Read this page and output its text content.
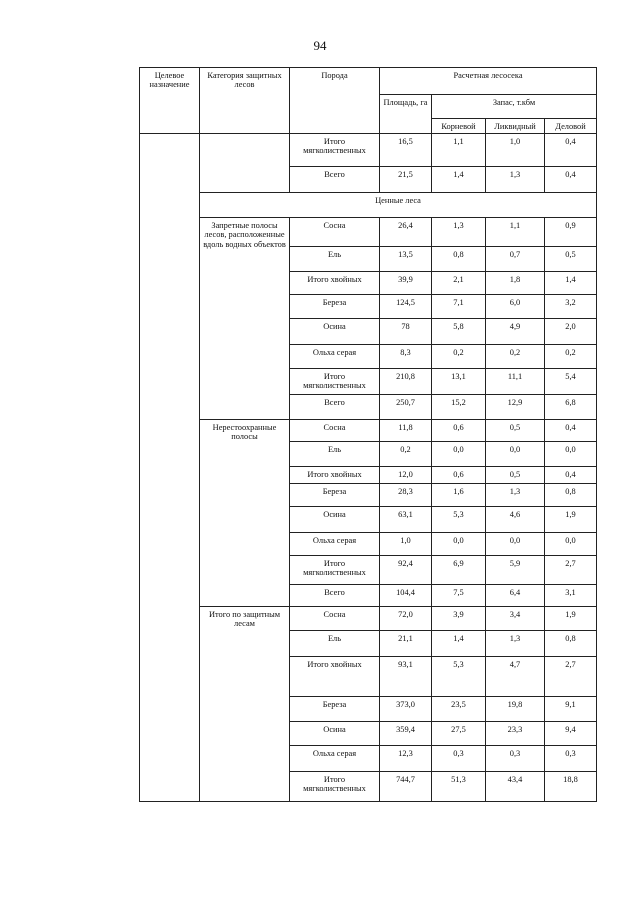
94
Целевое назначение	Категория защитных лесов	Порода	Расчетная лесосека			
			Площадь, га	Запас, т.кбм		
				Корневой	Ликвидный	Деловой
		Итого мягколиственных	16,5	1,1	1,0	0,4
		Всего	21,5	1,4	1,3	0,4
	Ценные леса					
	Запретные полосы лесов, расположенные вдоль водных объектов	Сосна	26,4	1,3	1,1	0,9
		Ель	13,5	0,8	0,7	0,5
		Итого хвойных	39,9	2,1	1,8	1,4
		Береза	124,5	7,1	6,0	3,2
		Осина	78	5,8	4,9	2,0
		Ольха серая	8,3	0,2	0,2	0,2
		Итого мягколиственных	210,8	13,1	11,1	5,4
		Всего	250,7	15,2	12,9	6,8
	Нерестоохранные полосы	Сосна	11,8	0,6	0,5	0,4
		Ель	0,2	0,0	0,0	0,0
		Итого хвойных	12,0	0,6	0,5	0,4
		Береза	28,3	1,6	1,3	0,8
		Осина	63,1	5,3	4,6	1,9
		Ольха серая	1,0	0,0	0,0	0,0
		Итого мягколиственных	92,4	6,9	5,9	2,7
		Всего	104,4	7,5	6,4	3,1
	Итого по защитным лесам	Сосна	72,0	3,9	3,4	1,9
		Ель	21,1	1,4	1,3	0,8
		Итого хвойных	93,1	5,3	4,7	2,7
		Береза	373,0	23,5	19,8	9,1
		Осина	359,4	27,5	23,3	9,4
		Ольха серая	12,3	0,3	0,3	0,3
		Итого мягколиственных	744,7	51,3	43,4	18,8
